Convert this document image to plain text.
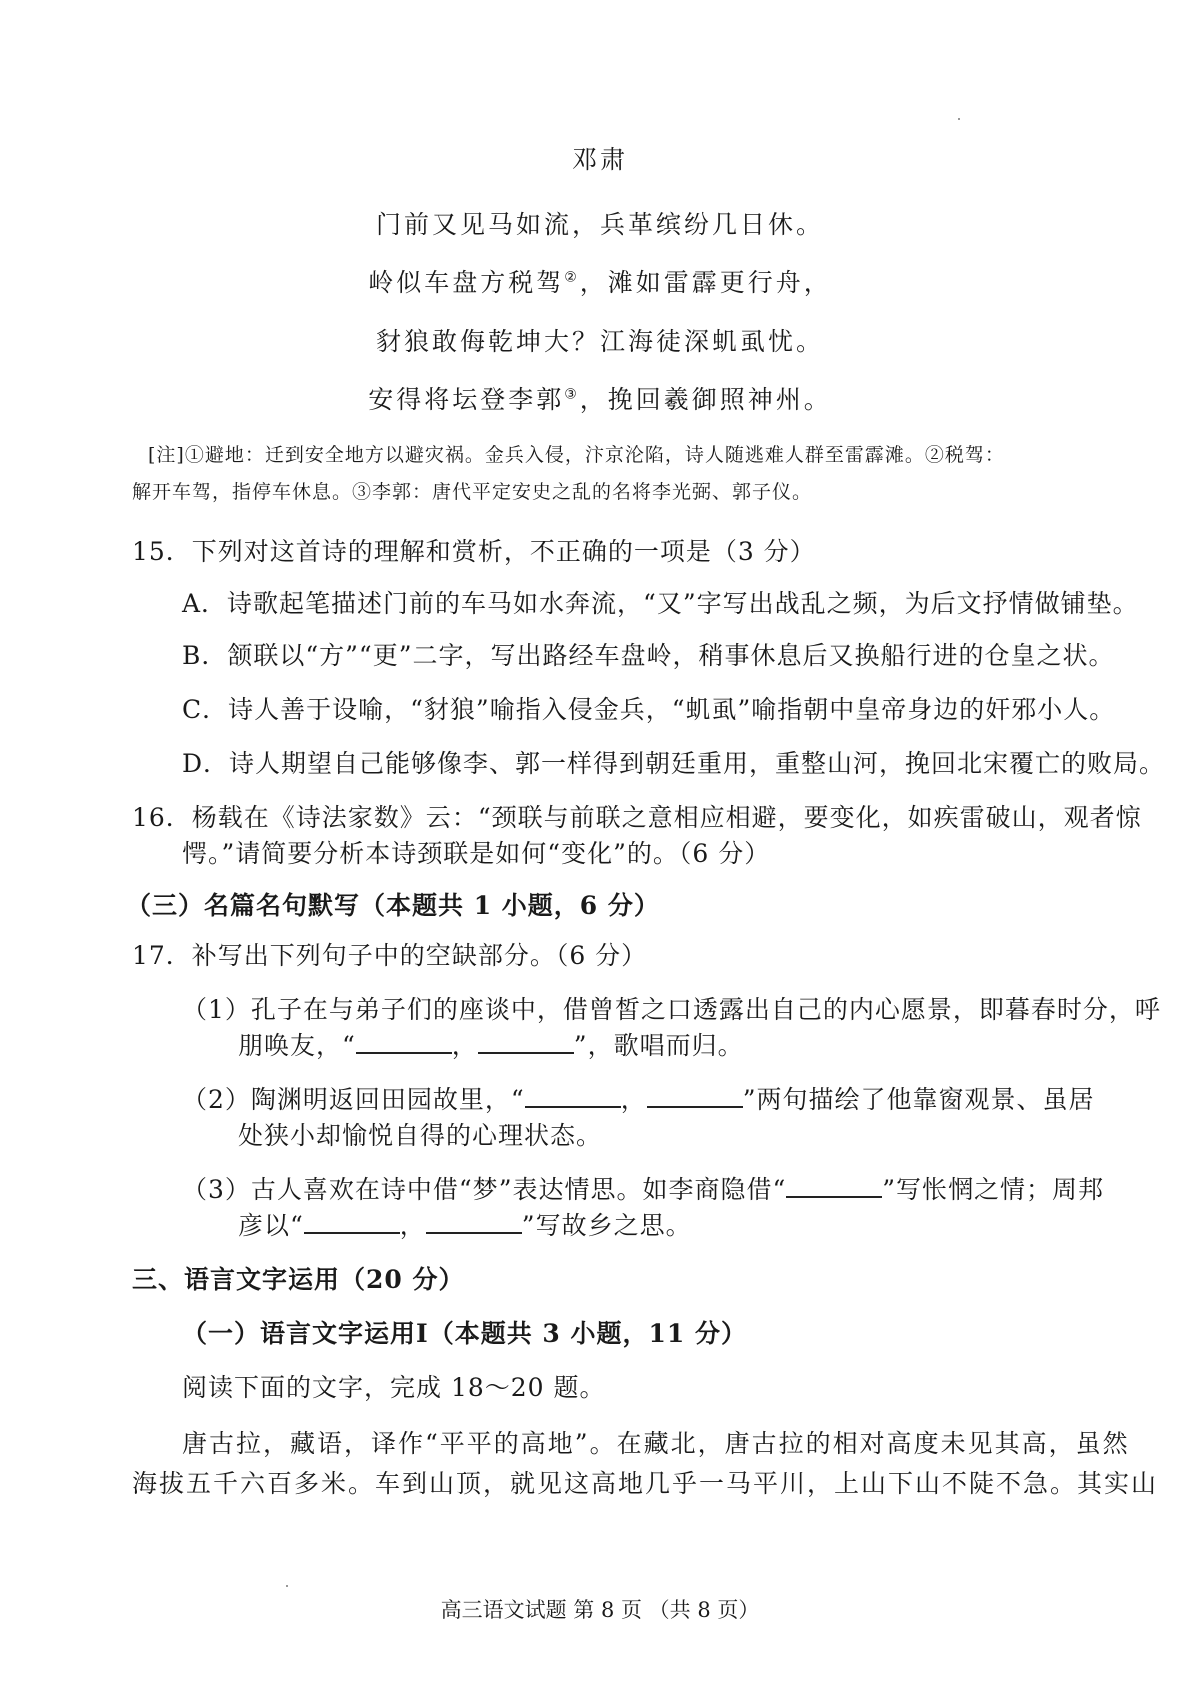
邓肃
门前又见马如流，兵革缤纷几日休。
岭似车盘方税驾②，滩如雷霹更行舟，
豺狼敢侮乾坤大？江海徒深虮虱忧。
安得将坛登李郭③，挽回羲御照神州。
[注]①避地：迁到安全地方以避灾祸。金兵入侵，汴京沦陷，诗人随逃难人群至雷霹滩。②税驾：
解开车驾，指停车休息。③李郭：唐代平定安史之乱的名将李光弼、郭子仪。
15．下列对这首诗的理解和赏析，不正确的一项是（3 分）
A．诗歌起笔描述门前的车马如水奔流，“又”字写出战乱之频，为后文抒情做铺垫。
B．颔联以“方”“更”二字，写出路经车盘岭，稍事休息后又换船行进的仓皇之状。
C．诗人善于设喻，“豺狼”喻指入侵金兵，“虮虱”喻指朝中皇帝身边的奸邪小人。
D．诗人期望自己能够像李、郭一样得到朝廷重用，重整山河，挽回北宋覆亡的败局。
16．杨载在《诗法家数》云：“颈联与前联之意相应相避，要变化，如疾雷破山，观者惊
愕。”请简要分析本诗颈联是如何“变化”的。（6 分）
（三）名篇名句默写（本题共 1 小题，6 分）
17．补写出下列句子中的空缺部分。（6 分）
（1）孔子在与弟子们的座谈中，借曾皙之口透露出自己的内心愿景，即暮春时分，呼
朋唤友，“	，	”，歌唱而归。
（2）陶渊明返回田园故里，“	，	”两句描绘了他靠窗观景、虽居
处狭小却愉悦自得的心理状态。
（3）古人喜欢在诗中借“梦”表达情思。如李商隐借“	”写怅惘之情；周邦
彦以“	，	”写故乡之思。
三、语言文字运用（20 分）
（一）语言文字运用Ⅰ（本题共 3 小题，11 分）
阅读下面的文字，完成 18～20 题。
唐古拉，藏语，译作“平平的高地”。在藏北，唐古拉的相对高度未见其高，虽然
海拔五千六百多米。车到山顶，就见这高地几乎一马平川，上山下山不陡不急。其实山
高三语文试题 第 8 页 （共 8 页）
